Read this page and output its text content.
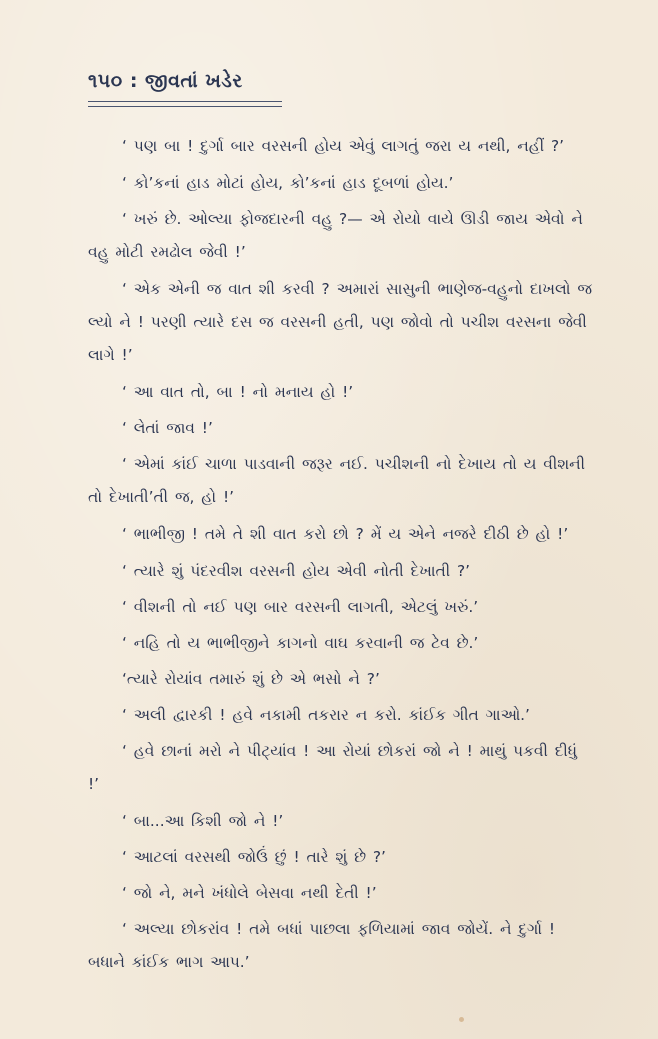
૧૫૦ : જીવતાં ખડેર

‘ પણ બા ! દુર્ગા બાર વરસની હોય એવું લાગતું જરા ય નથી, નહીં ?’

‘ કો’કનાં હાડ મોટાં હોય, કો’કનાં હાડ દૂબળાં હોય.’

‘ ખરું છે. ઓલ્યા ફોજદારની વહુ ?— એ રોયો વાયે ઊડી જાય એવો ને વહુ મોટી રમઢોલ જેવી !’

‘ એક એની જ વાત શી કરવી ? અમારાં સાસુની ભાણેજ-વહુનો દાખલો જ લ્યો ને ! પરણી ત્યારે દસ જ વરસની હતી, પણ જોવો તો પચીશ વરસના જેવી લાગે !’

‘ આ વાત તો, બા ! નો મનાય હો !’

‘ લેતાં જાવ !’

‘ એમાં કાંઈ ચાળા પાડવાની જરૂર નઈ. પચીશની નો દેખાય તો ય વીશની તો દેખાતી’તી જ, હો !’

‘ ભાભીજી ! તમે તે શી વાત કરો છો ? મેં ય એને નજરે દીઠી છે હો !’

‘ ત્યારે શું પંદરવીશ વરસની હોય એવી નોતી દેખાતી ?’

‘ વીશની તો નઈ પણ બાર વરસની લાગતી, એટલું ખરું.’

‘ નહિ તો ય ભાભીજીને કાગનો વાઘ કરવાની જ ટેવ છે.’

‘ત્યારે રોયાંવ તમારું શું છે એ ભસો ને ?’

‘ અલી દ્વારકી ! હવે નકામી તકરાર ન કરો. કાંઈક ગીત ગાઓ.’

‘ હવે છાનાં મરો ને પીટ્યાંવ ! આ રોયાં છોકરાં જો ને ! માથું પકવી દીધું !’

‘ બા...આ કિશી જો ને !’

‘ આટલાં વરસથી જોઉં છું ! તારે શું છે ?’

‘ જો ને, મને ખંધોલે બેસવા નથી દેતી !’

‘ અલ્યા છોકરાંવ ! તમે બધાં પાછલા ફળિયામાં જાવ જોયેં. ને દુર્ગા ! બધાને કાંઈક ભાગ આપ.’
